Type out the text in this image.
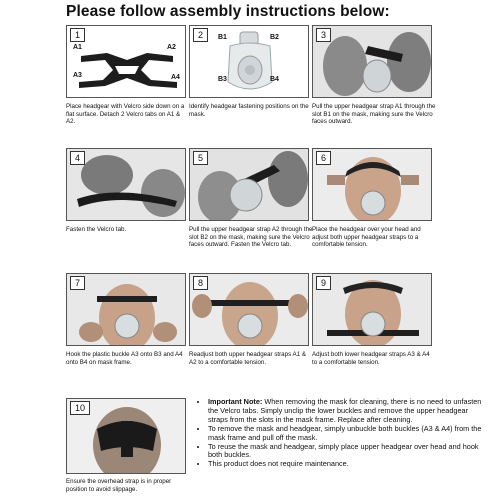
Please follow assembly instructions below:
1
A1	A2
A3	A4
2	B1	B2
B3	B4
3
Place headgear with Velcro side down on a flat surface. Detach 2 Velcro tabs on A1 & A2.
Identify headgear fastening positions on the mask.
Pull the upper headgear strap A1 through the slot B1 on the mask, making sure the Velcro faces outward.
4	5	6
Fasten the Velcro tab.	Pull the upper headgear strap A2 through the slot B2 on the mask, making sure the Velcro faces outward. Fasten the Velcro tab.
Place the headgear over your head and adjust both upper headgear straps to a comfortable tension.
7	8	9
Hook the plastic buckle A3 onto B3 and A4 onto B4 on mask frame.
Readjust both upper headgear straps A1 & A2 to a comfortable tension.
Adjust both lower headgear straps A3 & A4 to a comfortable tension.
10
Ensure the overhead strap is in proper position to avoid slippage.
• Important Note: When removing the mask for cleaning, there is no need to unfasten the Velcro tabs. Simply unclip the lower buckles and remove the upper headgear straps from the slots in the mask frame. Replace after cleaning.
• To remove the mask and headgear, simply unbuckle both buckles (A3 & A4) from the mask frame and pull off the mask.
• To reuse the mask and headgear, simply place upper headgear over head and hook both buckles.
• This product does not require maintenance.
